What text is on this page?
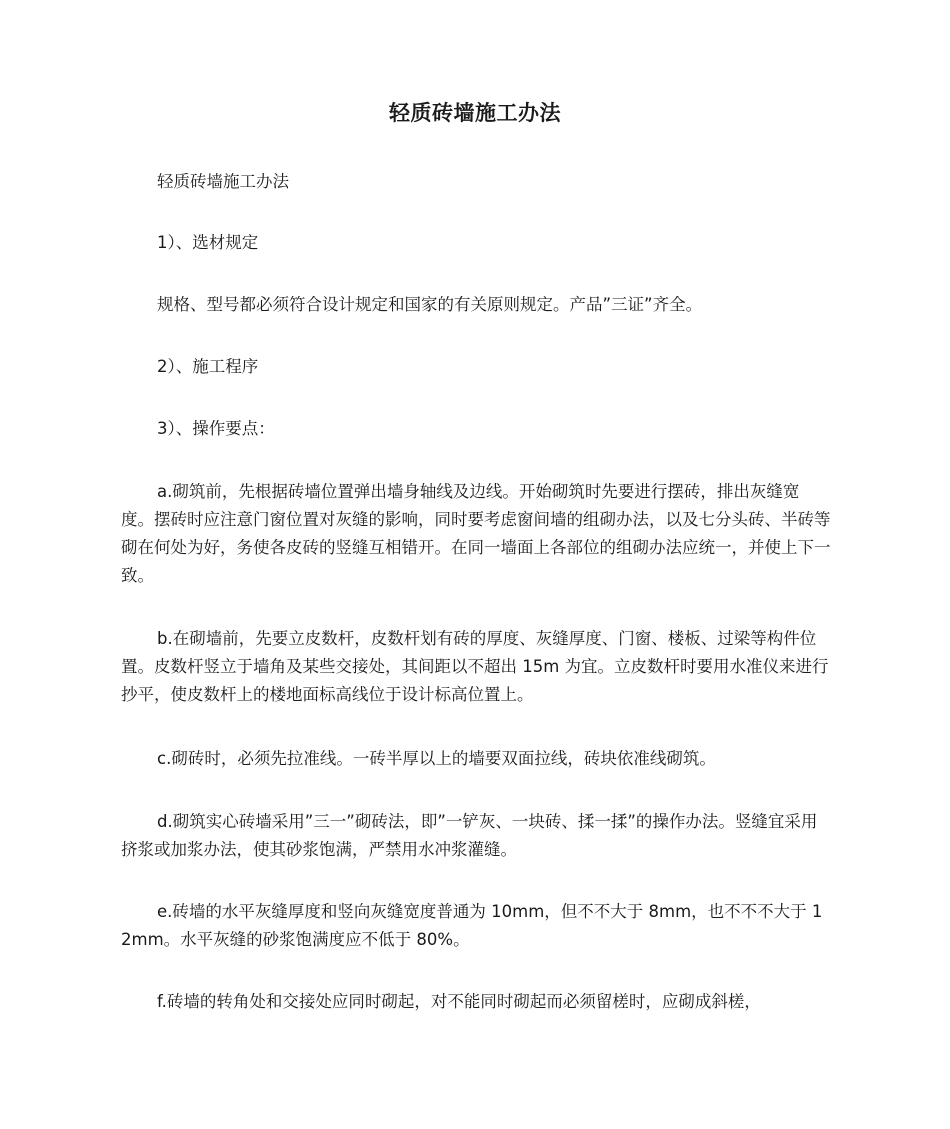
轻质砖墙施工办法
轻质砖墙施工办法
1）、选材规定
规格、型号都必须符合设计规定和国家的有关原则规定。产品”三证”齐全。
2）、施工程序
3）、操作要点：
a.砌筑前，先根据砖墙位置弹出墙身轴线及边线。开始砌筑时先要进行摆砖，排出灰缝宽度。摆砖时应注意门窗位置对灰缝的影响，同时要考虑窗间墙的组砌办法，以及七分头砖、半砖等砌在何处为好，务使各皮砖的竖缝互相错开。在同一墙面上各部位的组砌办法应统一，并使上下一致。
b.在砌墙前，先要立皮数杆，皮数杆划有砖的厚度、灰缝厚度、门窗、楼板、过梁等构件位置。皮数杆竖立于墙角及某些交接处，其间距以不超出 15m 为宜。立皮数杆时要用水准仪来进行抄平，使皮数杆上的楼地面标高线位于设计标高位置上。
c.砌砖时，必须先拉准线。一砖半厚以上的墙要双面拉线，砖块依准线砌筑。
d.砌筑实心砖墙采用”三一”砌砖法，即”一铲灰、一块砖、揉一揉”的操作办法。竖缝宜采用挤浆或加浆办法，使其砂浆饱满，严禁用水冲浆灌缝。
e.砖墙的水平灰缝厚度和竖向灰缝宽度普通为 10mm，但不不大于 8mm，也不不不大于 12mm。水平灰缝的砂浆饱满度应不低于 80%。
f.砖墙的转角处和交接处应同时砌起，对不能同时砌起而必须留槎时，应砌成斜槎，
